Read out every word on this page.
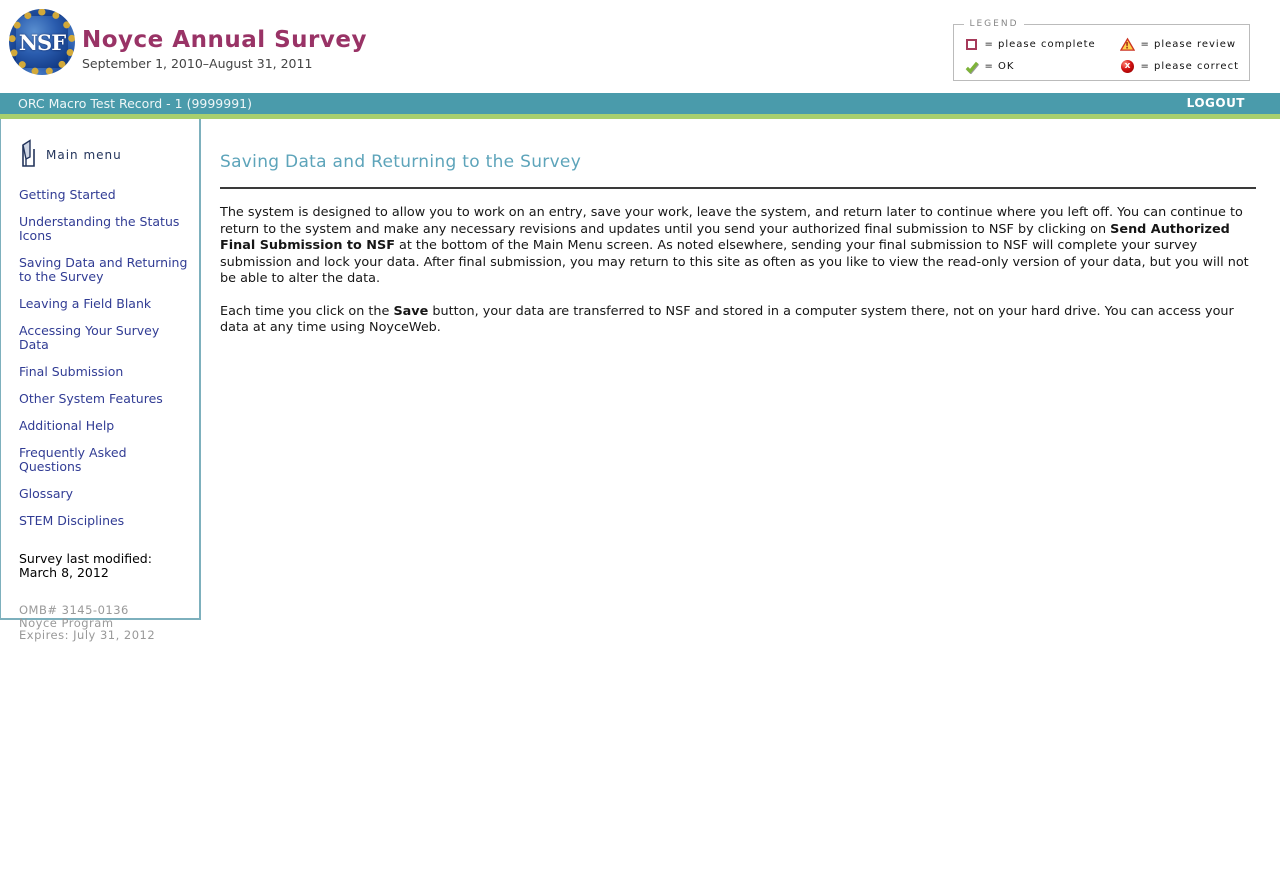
NSF Noyce Annual Survey
September 1, 2010–August 31, 2011
LEGEND
= please complete	! = please review
= OK	x = please correct
ORC Macro Test Record - 1 (9999991)	LOGOUT
Main menu
Getting Started
Understanding the Status Icons
Saving Data and Returning to the Survey
Leaving a Field Blank
Accessing Your Survey Data
Final Submission
Other System Features
Additional Help
Frequently Asked Questions
Glossary
STEM Disciplines
Survey last modified:
March 8, 2012
OMB# 3145-0136
Noyce Program
Expires: July 31, 2012
Saving Data and Returning to the Survey

The system is designed to allow you to work on an entry, save your work, leave the system, and return later to continue where you left off. You can continue to return to the system and make any necessary revisions and updates until you send your authorized final submission to NSF by clicking on Send Authorized Final Submission to NSF at the bottom of the Main Menu screen. As noted elsewhere, sending your final submission to NSF will complete your survey submission and lock your data. After final submission, you may return to this site as often as you like to view the read-only version of your data, but you will not be able to alter the data.

Each time you click on the Save button, your data are transferred to NSF and stored in a computer system there, not on your hard drive. You can access your data at any time using NoyceWeb.
